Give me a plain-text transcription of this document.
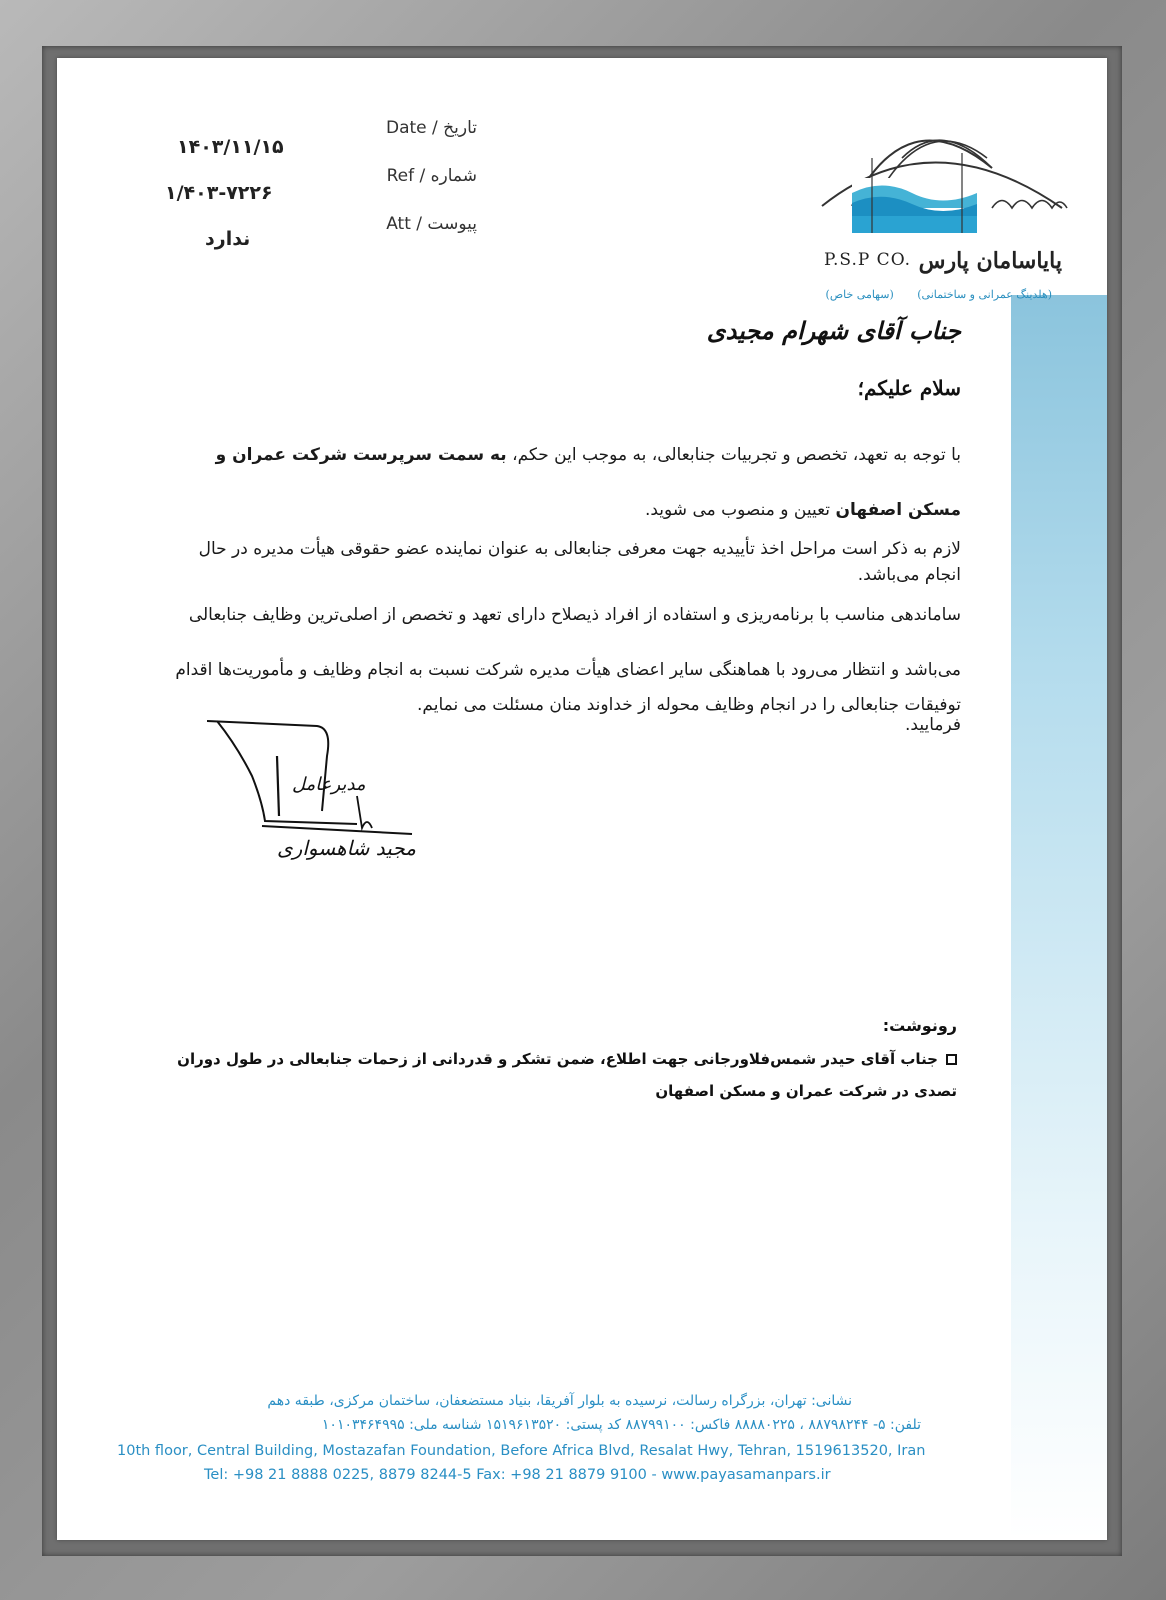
Date / تاریخ
۱۴۰۳/۱۱/۱۵
Ref / شماره
۱/۴۰۳-۷۲۲۶
Att / پیوست
ندارد
P.S.P CO. پایاسامان پارس
(هلدینگ عمرانی و ساختمانی) (سهامی خاص)
جناب آقای شهرام مجیدی
سلام علیکم؛
با توجه به تعهد، تخصص و تجربیات جنابعالی، به موجب این حکم، به سمت سرپرست شرکت عمران و مسکن اصفهان تعیین و منصوب می شوید.
لازم به ذکر است مراحل اخذ تأییدیه جهت معرفی جنابعالی به عنوان نماینده عضو حقوقی هیأت مدیره در حال انجام می‌باشد.
ساماندهی مناسب با برنامه‌ریزی و استفاده از افراد ذیصلاح دارای تعهد و تخصص از اصلی‌ترین وظایف جنابعالی می‌باشد و انتظار می‌رود با هماهنگی سایر اعضای هیأت مدیره شرکت نسبت به انجام وظایف و مأموریت‌ها اقدام فرمایید.
توفیقات جنابعالی را در انجام وظایف محوله از خداوند منان مسئلت می نمایم.
مدیرعامل
مجید شاهسواری
رونوشت:
جناب آقای حیدر شمس‌فلاورجانی جهت اطلاع، ضمن تشکر و قدردانی از زحمات جنابعالی در طول دوران تصدی در شرکت عمران و مسکن اصفهان
نشانی: تهران، بزرگراه رسالت، نرسیده به بلوار آفریقا، بنیاد مستضعفان، ساختمان مرکزی، طبقه دهم
تلفن: ۵- ۸۸۷۹۸۲۴۴ ، ۸۸۸۸۰۲۲۵ فاکس: ۸۸۷۹۹۱۰۰ کد پستی: ۱۵۱۹۶۱۳۵۲۰ شناسه ملی: ۱۰۱۰۳۴۶۴۹۹۵
10th floor, Central Building, Mostazafan Foundation, Before Africa Blvd, Resalat Hwy, Tehran, 1519613520, Iran
Tel: +98 21 8888 0225, 8879 8244-5 Fax: +98 21 8879 9100 - www.payasamanpars.ir
